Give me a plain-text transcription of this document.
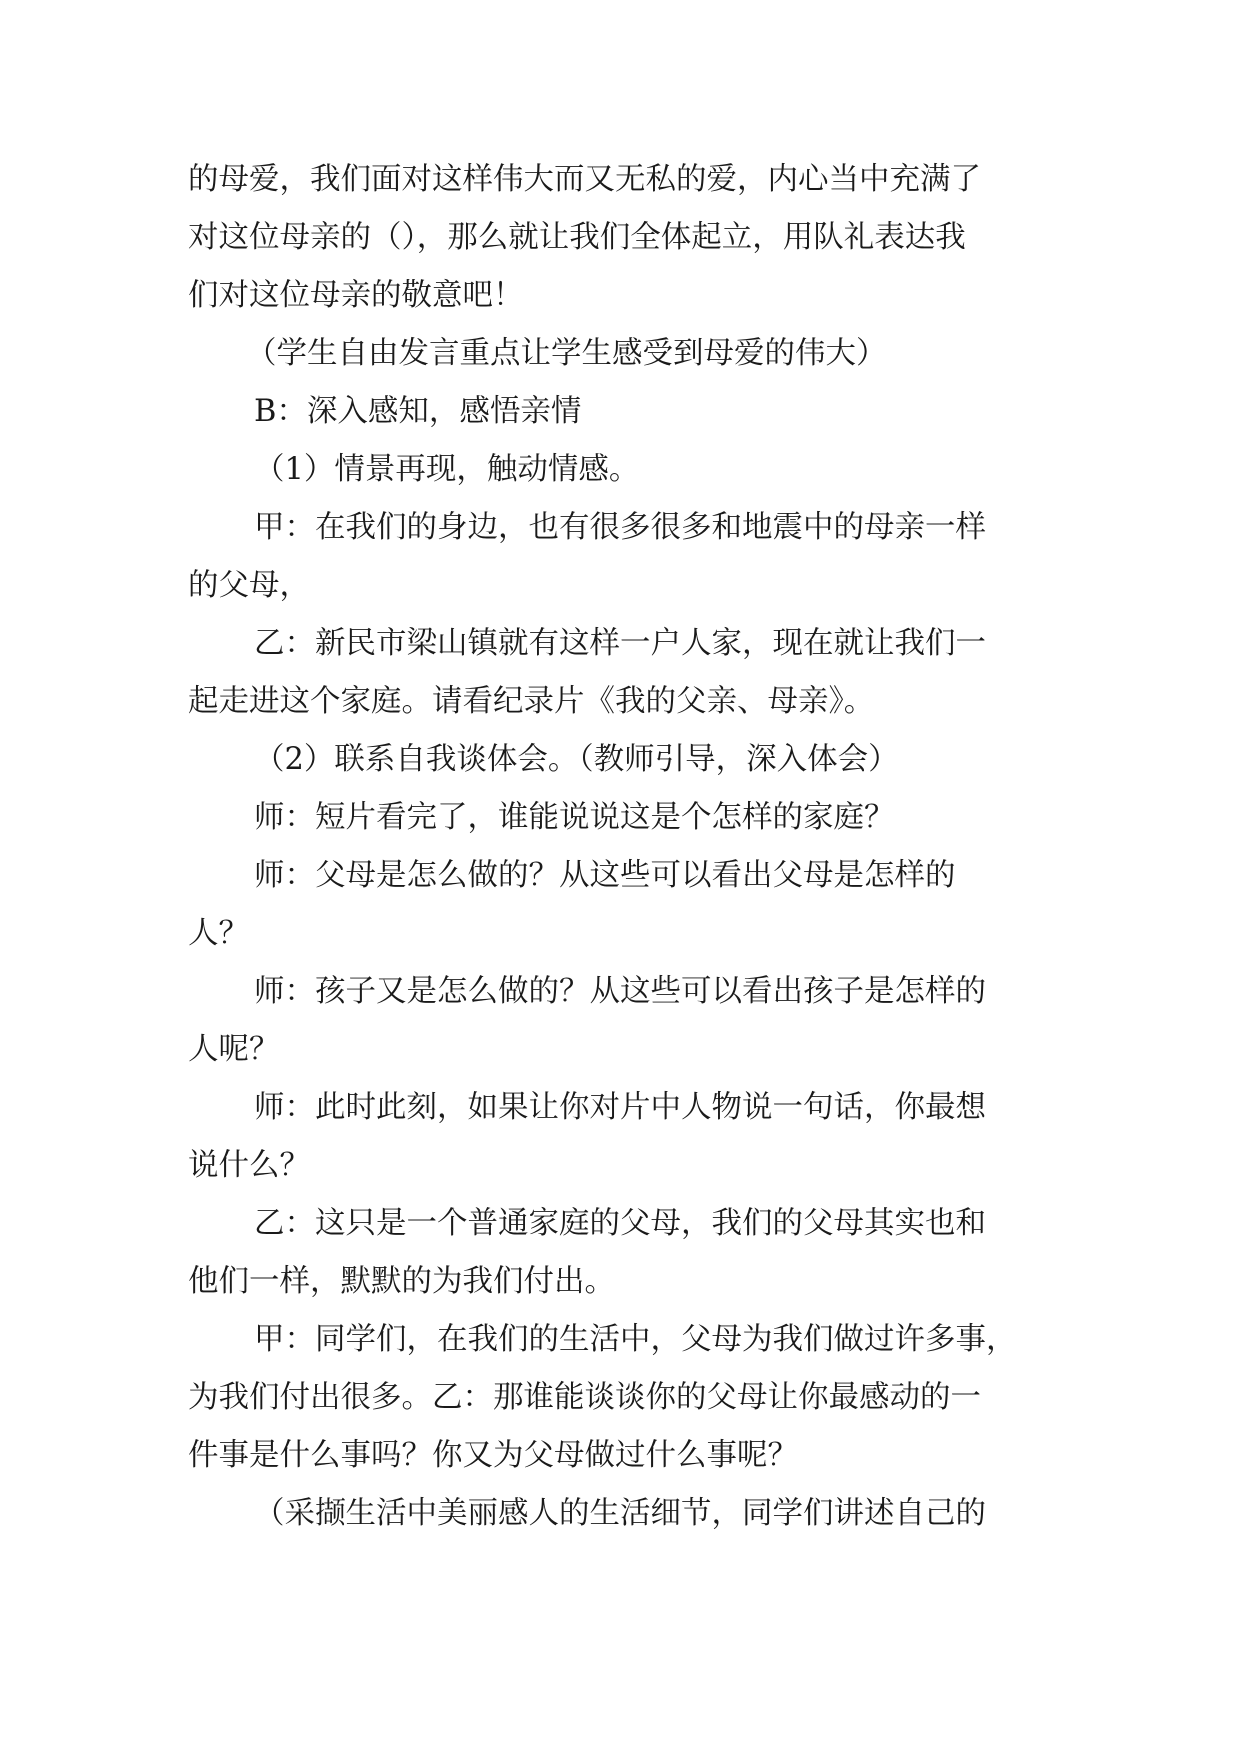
的母爱，我们面对这样伟大而又无私的爱，内心当中充满了

对这位母亲的（），那么就让我们全体起立，用队礼表达我

们对这位母亲的敬意吧！

（学生自由发言重点让学生感受到母爱的伟大）

B：深入感知，感悟亲情

（1）情景再现，触动情感。

甲：在我们的身边，也有很多很多和地震中的母亲一样

的父母，

乙：新民市梁山镇就有这样一户人家，现在就让我们一

起走进这个家庭。请看纪录片《我的父亲、母亲》。

（2）联系自我谈体会。（教师引导，深入体会）

师：短片看完了，谁能说说这是个怎样的家庭？

师：父母是怎么做的？从这些可以看出父母是怎样的

人？

师：孩子又是怎么做的？从这些可以看出孩子是怎样的

人呢？

师：此时此刻，如果让你对片中人物说一句话，你最想

说什么？

乙：这只是一个普通家庭的父母，我们的父母其实也和

他们一样，默默的为我们付出。

甲：同学们，在我们的生活中，父母为我们做过许多事，

为我们付出很多。乙：那谁能谈谈你的父母让你最感动的一

件事是什么事吗？你又为父母做过什么事呢？

（采撷生活中美丽感人的生活细节，同学们讲述自己的
